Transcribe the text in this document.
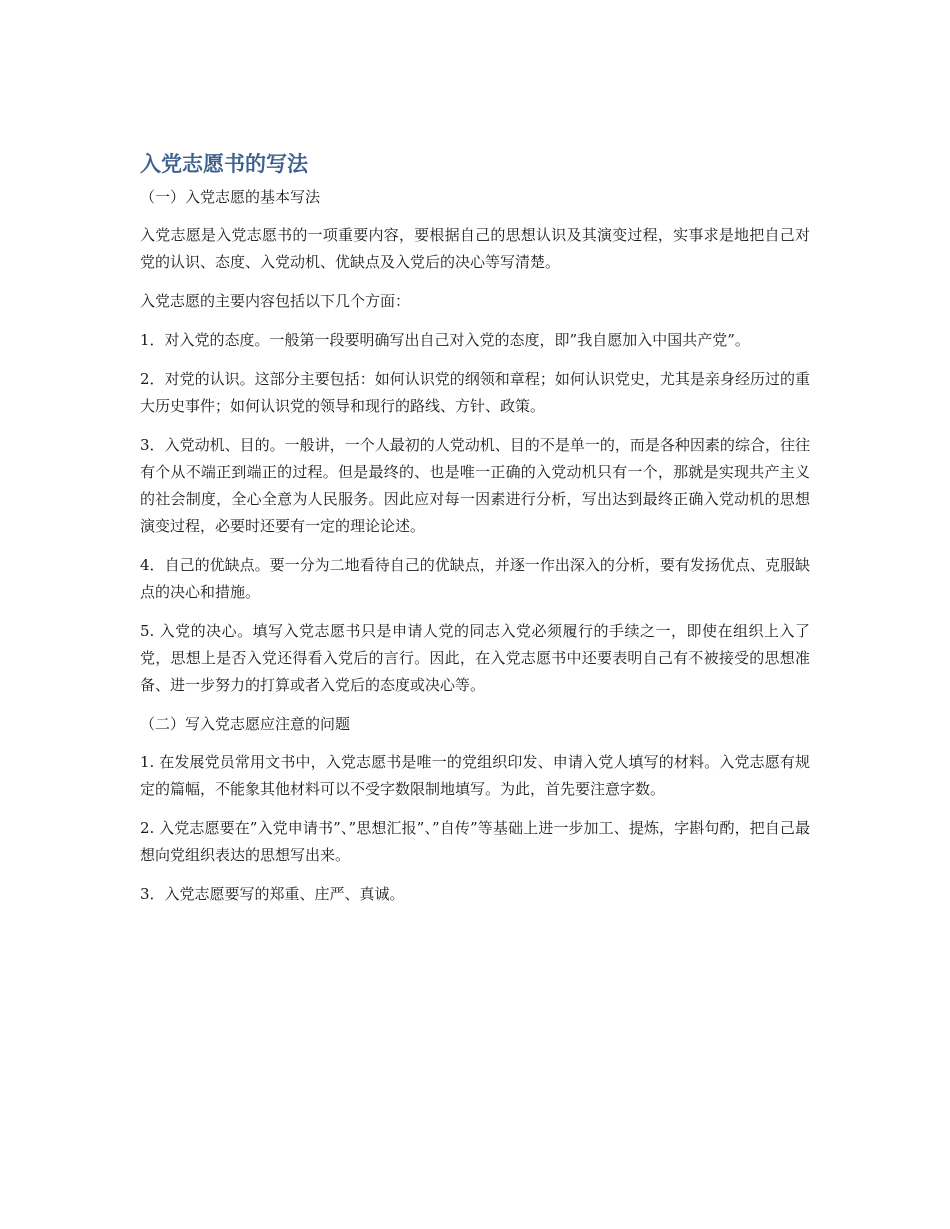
入党志愿书的写法
（一）入党志愿的基本写法

入党志愿是入党志愿书的一项重要内容，要根据自己的思想认识及其演变过程，实事求是地把自己对党的认识、态度、入党动机、优缺点及入党后的决心等写清楚。

入党志愿的主要内容包括以下几个方面：

1．对入党的态度。一般第一段要明确写出自己对入党的态度，即”我自愿加入中国共产党”。

2．对党的认识。这部分主要包括：如何认识党的纲领和章程；如何认识党史，尤其是亲身经历过的重大历史事件；如何认识党的领导和现行的路线、方针、政策。

3．入党动机、目的。一般讲，一个人最初的人党动机、目的不是单一的，而是各种因素的综合，往往有个从不端正到端正的过程。但是最终的、也是唯一正确的入党动机只有一个，那就是实现共产主义的社会制度，全心全意为人民服务。因此应对每一因素进行分析，写出达到最终正确入党动机的思想演变过程，必要时还要有一定的理论论述。

4．自己的优缺点。要一分为二地看待自己的优缺点，并逐一作出深入的分析，要有发扬优点、克服缺点的决心和措施。

5. 入党的决心。填写入党志愿书只是申请人党的同志入党必须履行的手续之一，即使在组织上入了党，思想上是否入党还得看入党后的言行。因此，在入党志愿书中还要表明自己有不被接受的思想准备、进一步努力的打算或者入党后的态度或决心等。

（二）写入党志愿应注意的问题

1. 在发展党员常用文书中，入党志愿书是唯一的党组织印发、申请入党人填写的材料。入党志愿有规定的篇幅，不能象其他材料可以不受字数限制地填写。为此，首先要注意字数。

2. 入党志愿要在”入党申请书”、”思想汇报”、”自传”等基础上进一步加工、提炼，字斟句酌，把自己最想向党组织表达的思想写出来。

3．入党志愿要写的郑重、庄严、真诚。
